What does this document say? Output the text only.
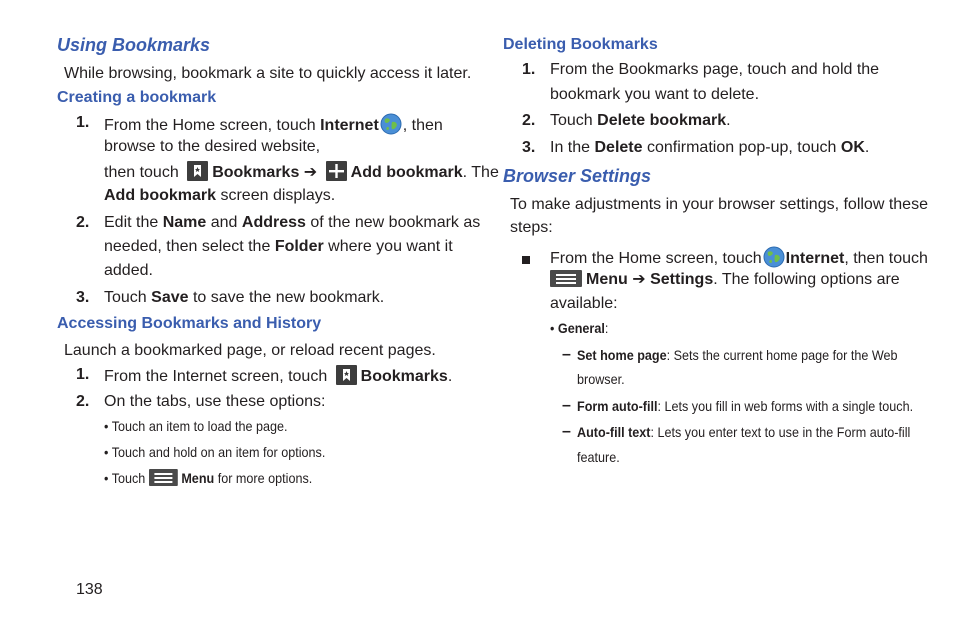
Using Bookmarks
While browsing, bookmark a site to quickly access it later.
Creating a bookmark
1. From the Home screen, touch Internet , then
browse to the desired website,
then touch Bookmarks ➔ Add bookmark. The
Add bookmark screen displays.
2. Edit the Name and Address of the new bookmark as
needed, then select the Folder where you want it
added.
3. Touch Save to save the new bookmark.
Accessing Bookmarks and History
Launch a bookmarked page, or reload recent pages.
1. From the Internet screen, touch Bookmarks.
2. On the tabs, use these options:
• Touch an item to load the page.
• Touch and hold on an item for options.
• Touch	Menu for more options.
138
Deleting Bookmarks
1. From the Bookmarks page, touch and hold the
bookmark you want to delete.
2. Touch Delete bookmark.
3. In the Delete confirmation pop-up, touch OK.
Browser Settings
To make adjustments in your browser settings, follow these
steps:
From the Home screen, touch Internet, then touch
Menu ➔ Settings. The following options are
available:
• General:
– Set home page: Sets the current home page for the Web
browser.
– Form auto-fill: Lets you fill in web forms with a single touch.
– Auto-fill text: Lets you enter text to use in the Form auto-fill
feature.
